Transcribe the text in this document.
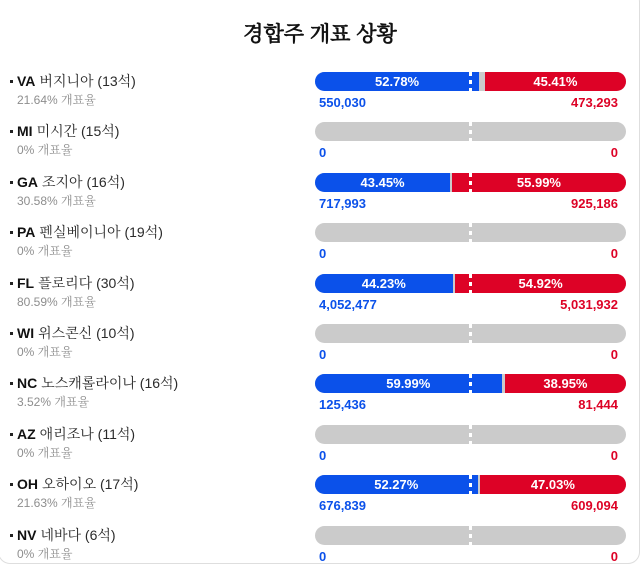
경합주 개표 상황
VA 버지니아 (13석)
21.64% 개표율
52.78%	45.41%
550,030	473,293
MI 미시간 (15석)
0% 개표율	0	0
GA 조지아 (16석)
30.58% 개표율
43.45%	55.99%
717,993	925,186
PA 펜실베이니아 (19석)
0% 개표율	0	0
FL 플로리다 (30석)
80.59% 개표율
44.23%	54.92%
4,052,477	5,031,932
WI 위스콘신 (10석)
0% 개표율	0	0
NC 노스캐롤라이나 (16석)
3.52% 개표율
59.99%	38.95%
125,436	81,444
AZ 애리조나 (11석)
0% 개표율	0	0
OH 오하이오 (17석)
21.63% 개표율
52.27%	47.03%
676,839	609,094
NV 네바다 (6석)
0% 개표율	0	0
